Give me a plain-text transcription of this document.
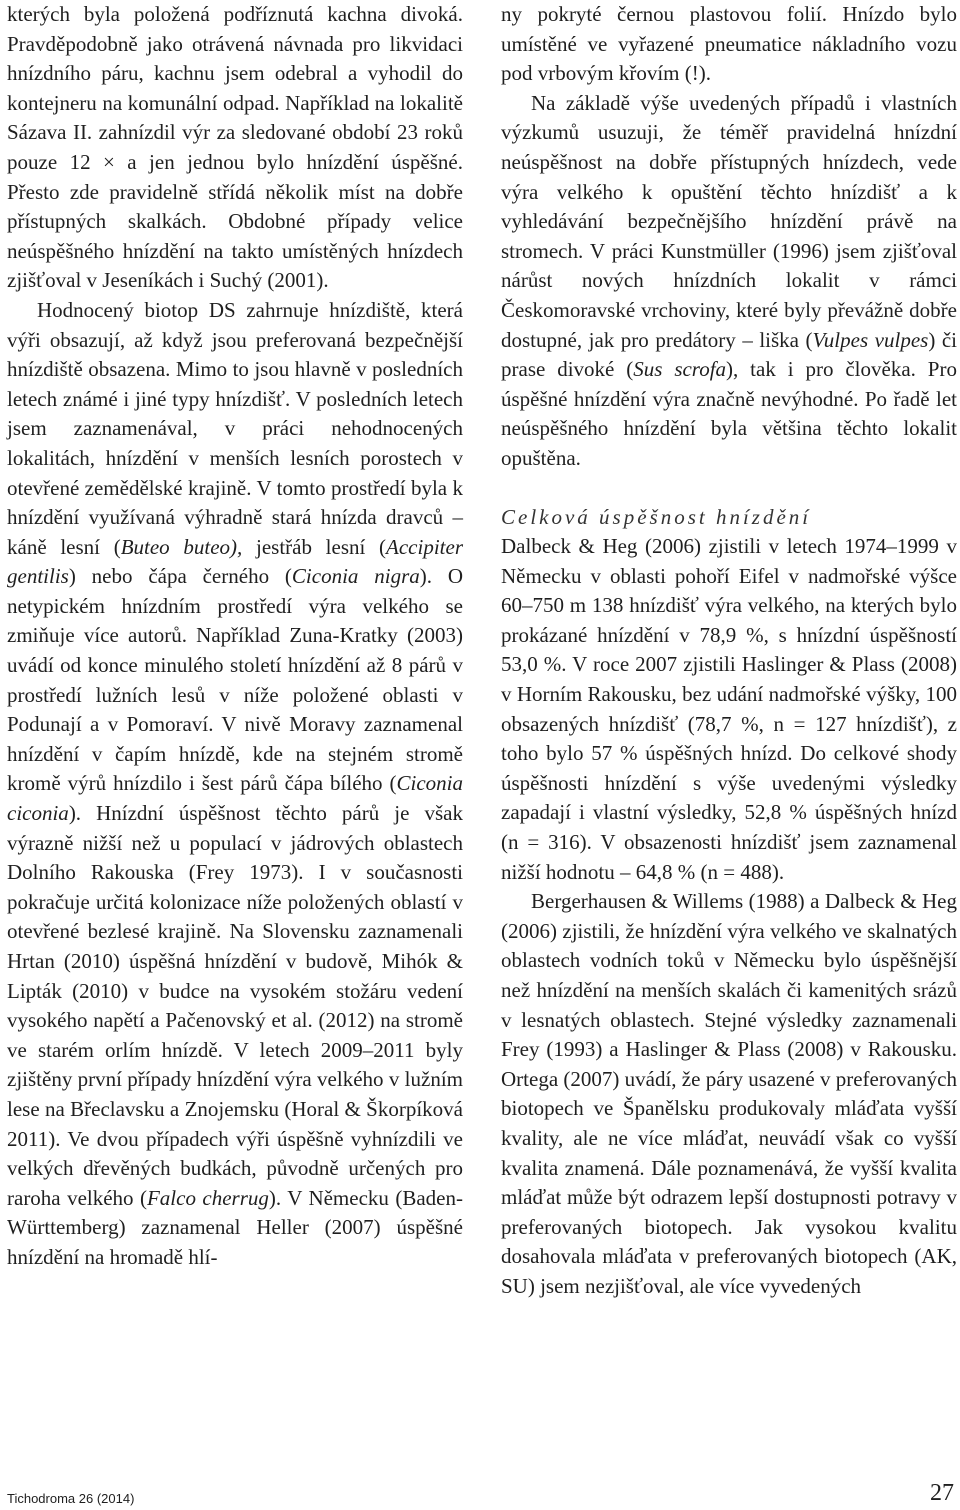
kterých byla položená podříznutá kachna divoká. Pravděpodobně jako otrávená návnada pro likvidaci hnízdního páru, kachnu jsem odebral a vyhodil do kontejneru na komunální odpad. Například na lokalitě Sázava II. zahnízdil výr za sledované období 23 roků pouze 12 × a jen jednou bylo hnízdění úspěšné. Přesto zde pravidelně střídá několik míst na dobře přístupných skalkách. Obdobné případy velice neúspěšného hnízdění na takto umístěných hnízdech zjišťoval v Jeseníkách i Suchý (2001).

Hodnocený biotop DS zahrnuje hnízdiště, která výři obsazují, až když jsou preferovaná bezpečnější hnízdiště obsazena. Mimo to jsou hlavně v posledních letech známé i jiné typy hnízdišť. V posledních letech jsem zaznamenával, v práci nehodnocených lokalitách, hnízdění v menších lesních porostech v otevřené zemědělské krajině. V tomto prostředí byla k hnízdění využívaná výhradně stará hnízda dravců – káně lesní (Buteo buteo), jestřáb lesní (Accipiter gentilis) nebo čápa černého (Ciconia nigra). O netypickém hnízdním prostředí výra velkého se zmiňuje více autorů. Například Zuna-Kratky (2003) uvádí od konce minulého století hnízdění až 8 párů v prostředí lužních lesů v níže položené oblasti v Podunají a v Pomoraví. V nivě Moravy zaznamenal hnízdění v čapím hnízdě, kde na stejném stromě kromě výrů hnízdilo i šest párů čápa bílého (Ciconia ciconia). Hnízdní úspěšnost těchto párů je však výrazně nižší než u populací v jádrových oblastech Dolního Rakouska (Frey 1973). I v současnosti pokračuje určitá kolonizace níže položených oblastí v otevřené bezlesé krajině. Na Slovensku zaznamenali Hrtan (2010) úspěšná hnízdění v budově, Mihók & Lipták (2010) v budce na vysokém stožáru vedení vysokého napětí a Pačenovský et al. (2012) na stromě ve starém orlím hnízdě. V letech 2009–2011 byly zjištěny první případy hnízdění výra velkého v lužním lese na Břeclavsku a Znojemsku (Horal & Škorpíková 2011). Ve dvou případech výři úspěšně vyhnízdili ve velkých dřevěných budkách, původně určených pro raroha velkého (Falco cherrug). V Německu (Baden-Württemberg) zaznamenal Heller (2007) úspěšné hnízdění na hromadě hlí-

ny pokryté černou plastovou folií. Hnízdo bylo umístěné ve vyřazené pneumatice nákladního vozu pod vrbovým křovím (!).

Na základě výše uvedených případů i vlastních výzkumů usuzuji, že téměř pravidelná hnízdní neúspěšnost na dobře přístupných hnízdech, vede výra velkého k opuštění těchto hnízdišť a k vyhledávání bezpečnějšího hnízdění právě na stromech. V práci Kunstmüller (1996) jsem zjišťoval nárůst nových hnízdních lokalit v rámci Českomoravské vrchoviny, které byly převážně dobře dostupné, jak pro predátory – liška (Vulpes vulpes) či prase divoké (Sus scrofa), tak i pro člověka. Pro úspěšné hnízdění výra značně nevýhodné. Po řadě let neúspěšného hnízdění byla většina těchto lokalit opuštěna.

Celková úspěšnost hnízdění

Dalbeck & Heg (2006) zjistili v letech 1974–1999 v Německu v oblasti pohoří Eifel v nadmořské výšce 60–750 m 138 hnízdišť výra velkého, na kterých bylo prokázané hnízdění v 78,9 %, s hnízdní úspěšností 53,0 %. V roce 2007 zjistili Haslinger & Plass (2008) v Horním Rakousku, bez udání nadmořské výšky, 100 obsazených hnízdišť (78,7 %, n = 127 hnízdišť), z toho bylo 57 % úspěšných hnízd. Do celkové shody úspěšnosti hnízdění s výše uvedenými výsledky zapadají i vlastní výsledky, 52,8 % úspěšných hnízd (n = 316). V obsazenosti hnízdišť jsem zaznamenal nižší hodnotu – 64,8 % (n = 488).

Bergerhausen & Willems (1988) a Dalbeck & Heg (2006) zjistili, že hnízdění výra velkého ve skalnatých oblastech vodních toků v Německu bylo úspěšnější než hnízdění na menších skalách či kamenitých srázů v lesnatých oblastech. Stejné výsledky zaznamenali Frey (1993) a Haslinger & Plass (2008) v Rakousku. Ortega (2007) uvádí, že páry usazené v preferovaných biotopech ve Španělsku produkovaly mláďata vyšší kvality, ale ne více mláďat, neuvádí však co vyšší kvalita znamená. Dále poznamenává, že vyšší kvalita mláďat může být odrazem lepší dostupnosti potravy v preferovaných biotopech. Jak vysokou kvalitu dosahovala mláďata v preferovaných biotopech (AK, SU) jsem nezjišťoval, ale více vyvedených

Tichodroma 26 (2014)	27
